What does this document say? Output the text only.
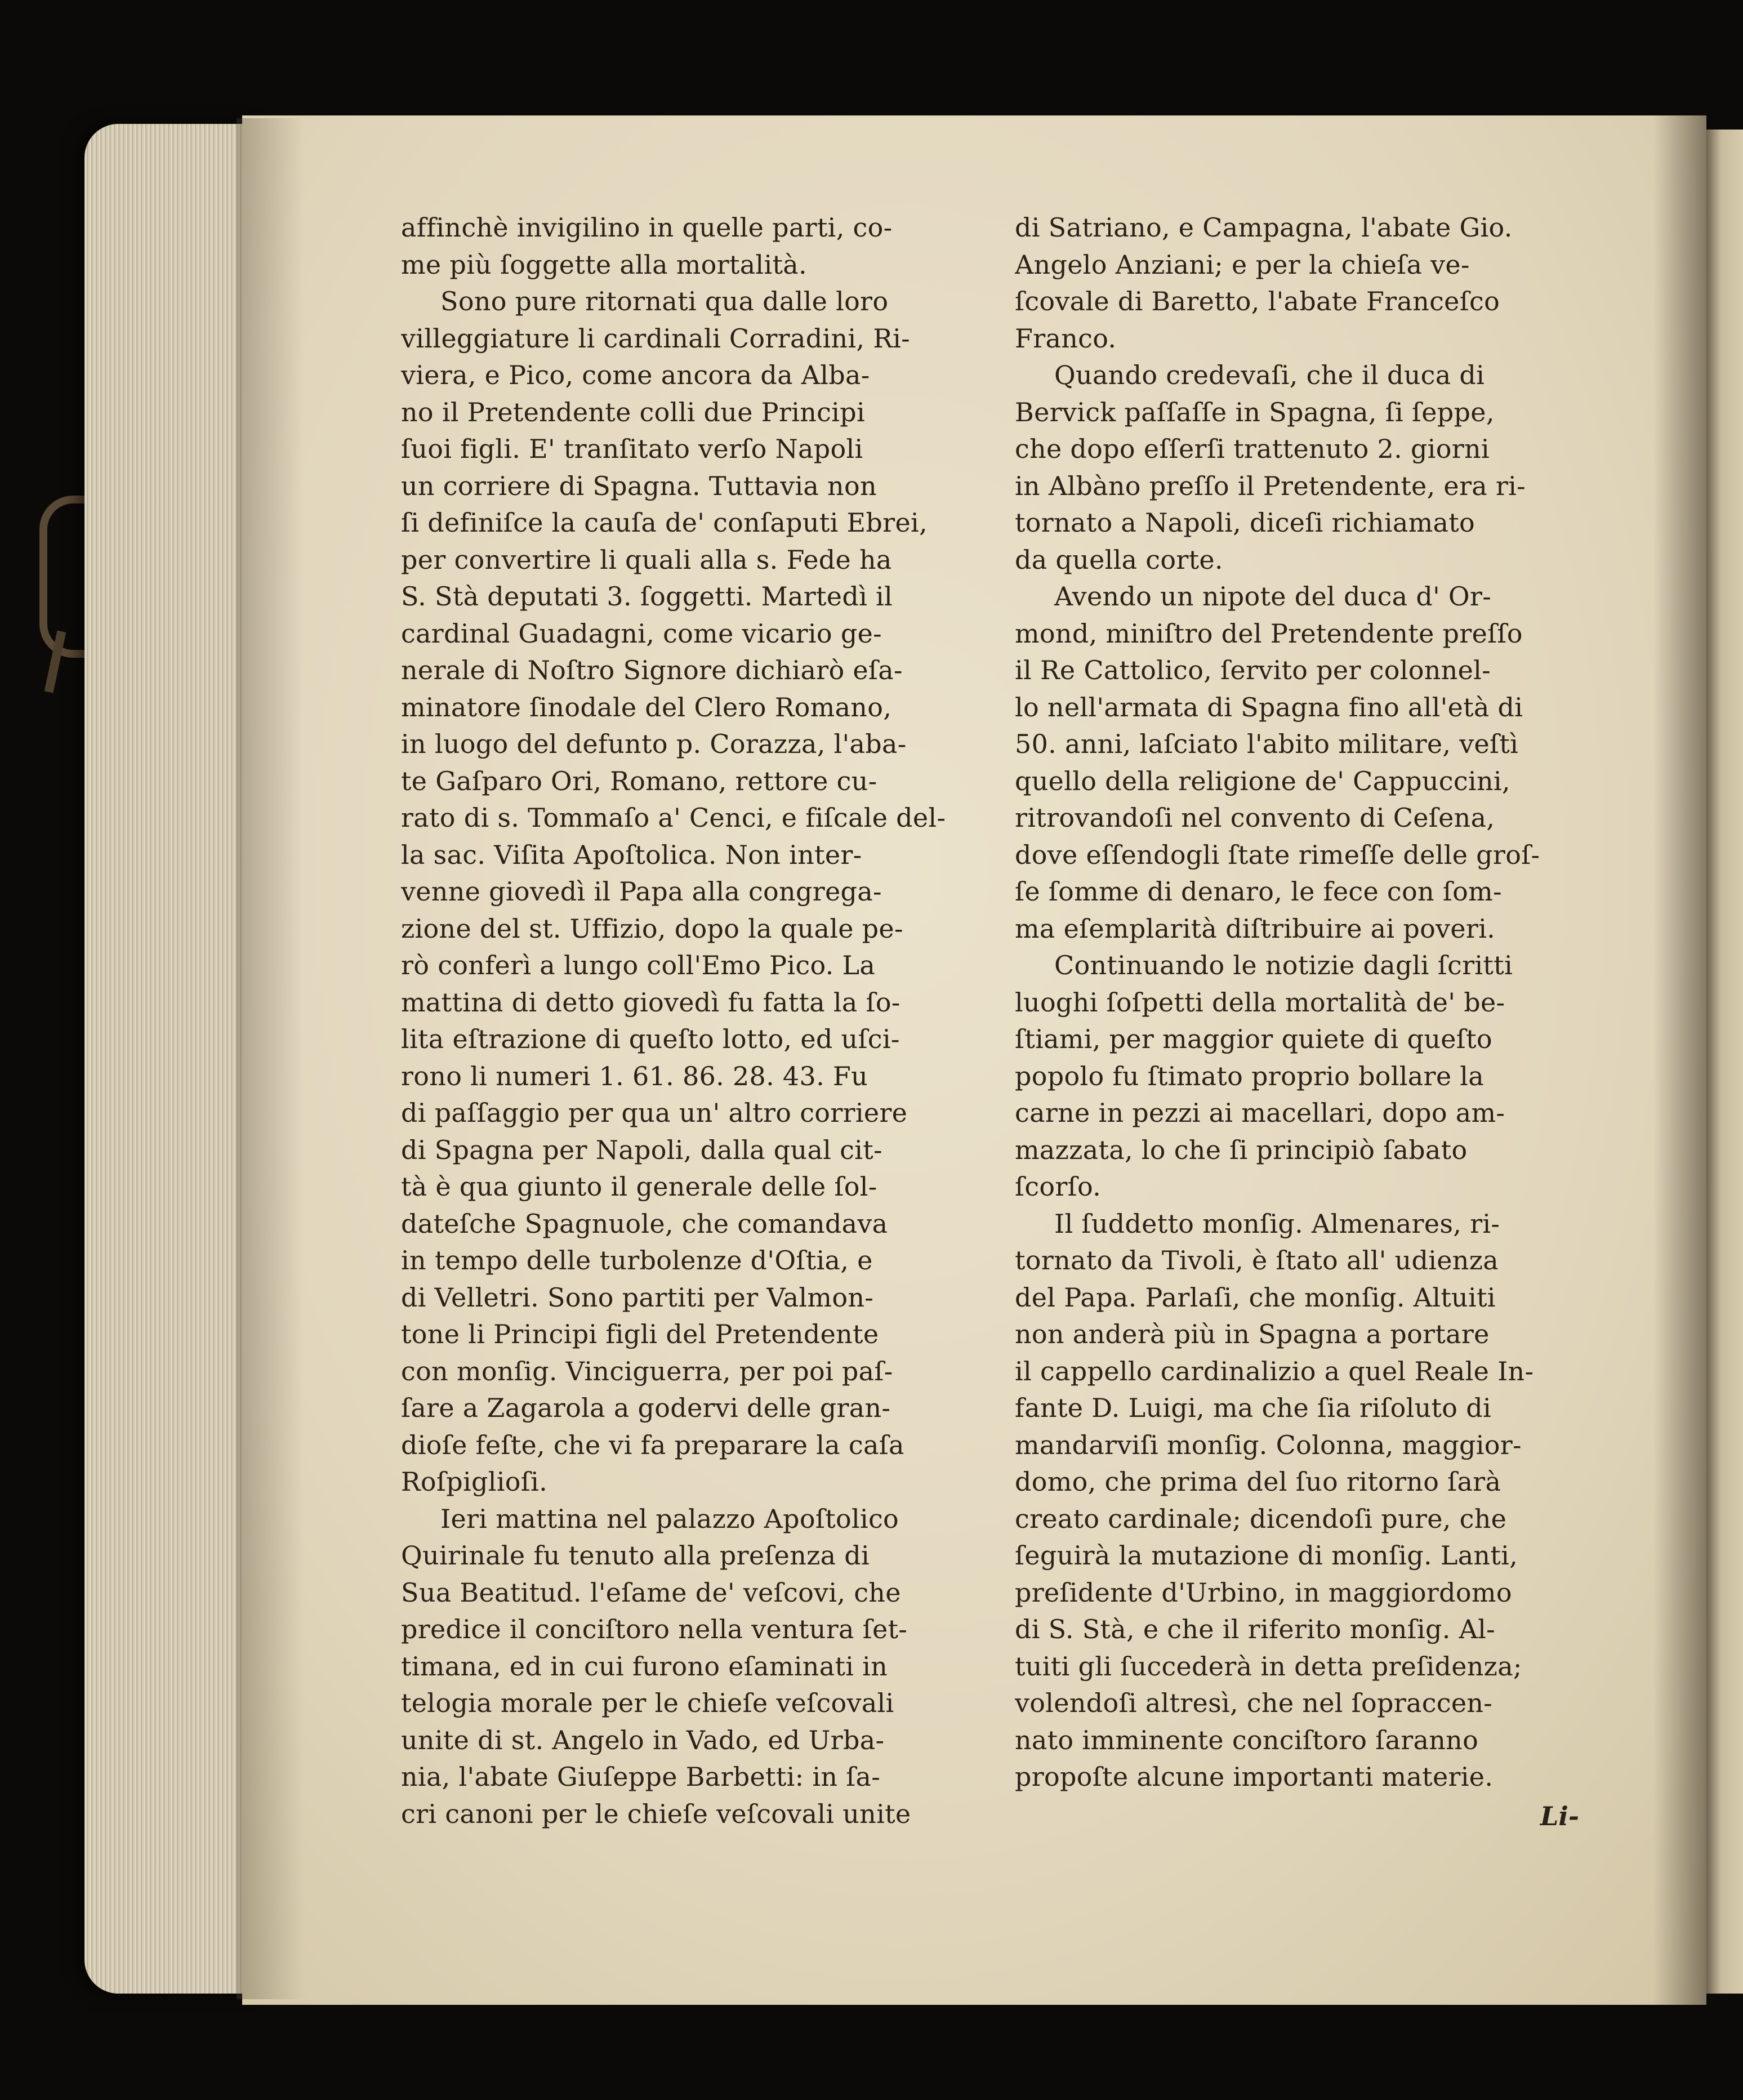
affinchè invigilino in quelle parti, co-
me più ſoggette alla mortalità.
Sono pure ritornati qua dalle loro
villeggiature li cardinali Corradini, Ri-
viera, e Pico, come ancora da Alba-
no il Pretendente colli due Principi
ſuoi figli. E' tranſitato verſo Napoli
un corriere di Spagna. Tuttavia non
ſi definiſce la cauſa de' conſaputi Ebrei,
per convertire li quali alla s. Fede ha
S. Stà deputati 3. ſoggetti. Martedì il
cardinal Guadagni, come vicario ge-
nerale di Noſtro Signore dichiarò eſa-
minatore ſinodale del Clero Romano,
in luogo del defunto p. Corazza, l'aba-
te Gaſparo Ori, Romano, rettore cu-
rato di s. Tommaſo a' Cenci, e fiſcale del-
la sac. Viſita Apoſtolica. Non inter-
venne giovedì il Papa alla congrega-
zione del st. Uffizio, dopo la quale pe-
rò conferì a lungo coll'Emo Pico. La
mattina di detto giovedì fu fatta la ſo-
lita eſtrazione di queſto lotto, ed uſci-
rono li numeri 1. 61. 86. 28. 43. Fu
di paſſaggio per qua un' altro corriere
di Spagna per Napoli, dalla qual cit-
tà è qua giunto il generale delle ſol-
dateſche Spagnuole, che comandava
in tempo delle turbolenze d'Oſtia, e
di Velletri. Sono partiti per Valmon-
tone li Principi figli del Pretendente
con monſig. Vinciguerra, per poi paſ-
ſare a Zagarola a godervi delle gran-
dioſe feſte, che vi fa preparare la caſa
Roſpiglioſi.
Ieri mattina nel palazzo Apoſtolico
Quirinale fu tenuto alla preſenza di
Sua Beatitud. l'eſame de' veſcovi, che
predice il conciſtoro nella ventura ſet-
timana, ed in cui furono eſaminati in
telogia morale per le chieſe veſcovali
unite di st. Angelo in Vado, ed Urba-
nia, l'abate Giuſeppe Barbetti: in ſa-
cri canoni per le chieſe veſcovali unite
di Satriano, e Campagna, l'abate Gio.
Angelo Anziani; e per la chieſa ve-
ſcovale di Baretto, l'abate Franceſco
Franco.
Quando credevaſi, che il duca di
Bervick paſſaſſe in Spagna, ſi ſeppe,
che dopo eſſerſi trattenuto 2. giorni
in Albàno preſſo il Pretendente, era ri-
tornato a Napoli, diceſi richiamato
da quella corte.
Avendo un nipote del duca d' Or-
mond, miniſtro del Pretendente preſſo
il Re Cattolico, ſervito per colonnel-
lo nell'armata di Spagna fino all'età di
50. anni, laſciato l'abito militare, veſtì
quello della religione de' Cappuccini,
ritrovandoſi nel convento di Ceſena,
dove eſſendogli ſtate rimeſſe delle groſ-
ſe ſomme di denaro, le fece con ſom-
ma eſemplarità diſtribuire ai poveri.
Continuando le notizie dagli ſcritti
luoghi ſoſpetti della mortalità de' be-
ſtiami, per maggior quiete di queſto
popolo fu ſtimato proprio bollare la
carne in pezzi ai macellari, dopo am-
mazzata, lo che ſi principiò ſabato
ſcorſo.
Il ſuddetto monſig. Almenares, ri-
tornato da Tivoli, è ſtato all' udienza
del Papa. Parlaſi, che monſig. Altuiti
non anderà più in Spagna a portare
il cappello cardinalizio a quel Reale In-
fante D. Luigi, ma che ſia riſoluto di
mandarviſi monſig. Colonna, maggior-
domo, che prima del ſuo ritorno ſarà
creato cardinale; dicendoſi pure, che
ſeguirà la mutazione di monſig. Lanti,
preſidente d'Urbino, in maggiordomo
di S. Stà, e che il riferito monſig. Al-
tuiti gli ſuccederà in detta preſidenza;
volendoſi altresì, che nel ſopraccen-
nato imminente conciſtoro ſaranno
propoſte alcune importanti materie.
Li-
